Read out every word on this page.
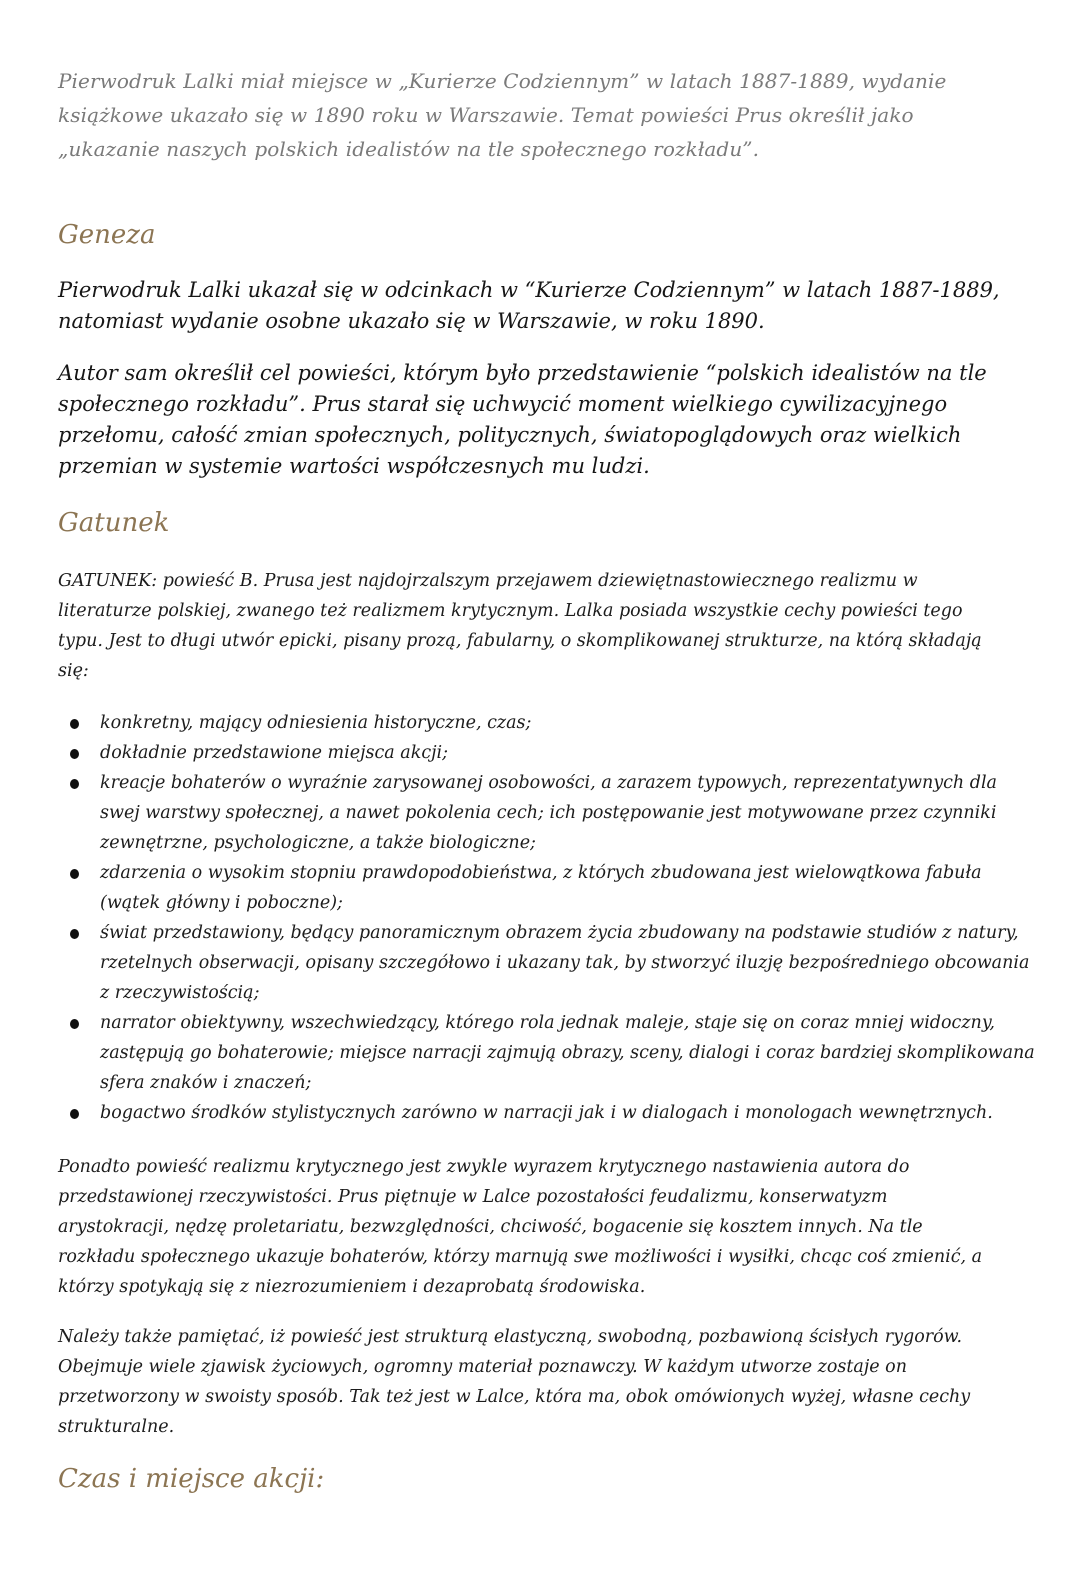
Pierwodruk Lalki miał miejsce w „Kurierze Codziennym” w latach 1887-1889, wydanie książkowe ukazało się w 1890 roku w Warszawie. Temat powieści Prus określił jako „ukazanie naszych polskich idealistów na tle społecznego rozkładu”.

Geneza

Pierwodruk Lalki ukazał się w odcinkach w “Kurierze Codziennym” w latach 1887-1889, natomiast wydanie osobne ukazało się w Warszawie, w roku 1890.

Autor sam określił cel powieści, którym było przedstawienie “polskich idealistów na tle społecznego rozkładu”. Prus starał się uchwycić moment wielkiego cywilizacyjnego przełomu, całość zmian społecznych, politycznych, światopoglądowych oraz wielkich przemian w systemie wartości współczesnych mu ludzi.

Gatunek

GATUNEK: powieść B. Prusa jest najdojrzalszym przejawem dziewiętnastowiecznego realizmu w literaturze polskiej, zwanego też realizmem krytycznym. Lalka posiada wszystkie cechy powieści tego typu. Jest to długi utwór epicki, pisany prozą, fabularny, o skomplikowanej strukturze, na którą składają się:

konkretny, mający odniesienia historyczne, czas;
dokładnie przedstawione miejsca akcji;
kreacje bohaterów o wyraźnie zarysowanej osobowości, a zarazem typowych, reprezentatywnych dla swej warstwy społecznej, a nawet pokolenia cech; ich postępowanie jest motywowane przez czynniki zewnętrzne, psychologiczne, a także biologiczne;
zdarzenia o wysokim stopniu prawdopodobieństwa, z których zbudowana jest wielowątkowa fabuła (wątek główny i poboczne);
świat przedstawiony, będący panoramicznym obrazem życia zbudowany na podstawie studiów z natury, rzetelnych obserwacji, opisany szczegółowo i ukazany tak, by stworzyć iluzję bezpośredniego obcowania z rzeczywistością;
narrator obiektywny, wszechwiedzący, którego rola jednak maleje, staje się on coraz mniej widoczny, zastępują go bohaterowie; miejsce narracji zajmują obrazy, sceny, dialogi i coraz bardziej skomplikowana sfera znaków i znaczeń;
bogactwo środków stylistycznych zarówno w narracji jak i w dialogach i monologach wewnętrznych.

Ponadto powieść realizmu krytycznego jest zwykle wyrazem krytycznego nastawienia autora do przedstawionej rzeczywistości. Prus piętnuje w Lalce pozostałości feudalizmu, konserwatyzm arystokracji, nędzę proletariatu, bezwzględności, chciwość, bogacenie się kosztem innych. Na tle rozkładu społecznego ukazuje bohaterów, którzy marnują swe możliwości i wysiłki, chcąc coś zmienić, a którzy spotykają się z niezrozumieniem i dezaprobatą środowiska.

Należy także pamiętać, iż powieść jest strukturą elastyczną, swobodną, pozbawioną ścisłych rygorów. Obejmuje wiele zjawisk życiowych, ogromny materiał poznawczy. W każdym utworze zostaje on przetworzony w swoisty sposób. Tak też jest w Lalce, która ma, obok omówionych wyżej, własne cechy strukturalne.

Czas i miejsce akcji:
